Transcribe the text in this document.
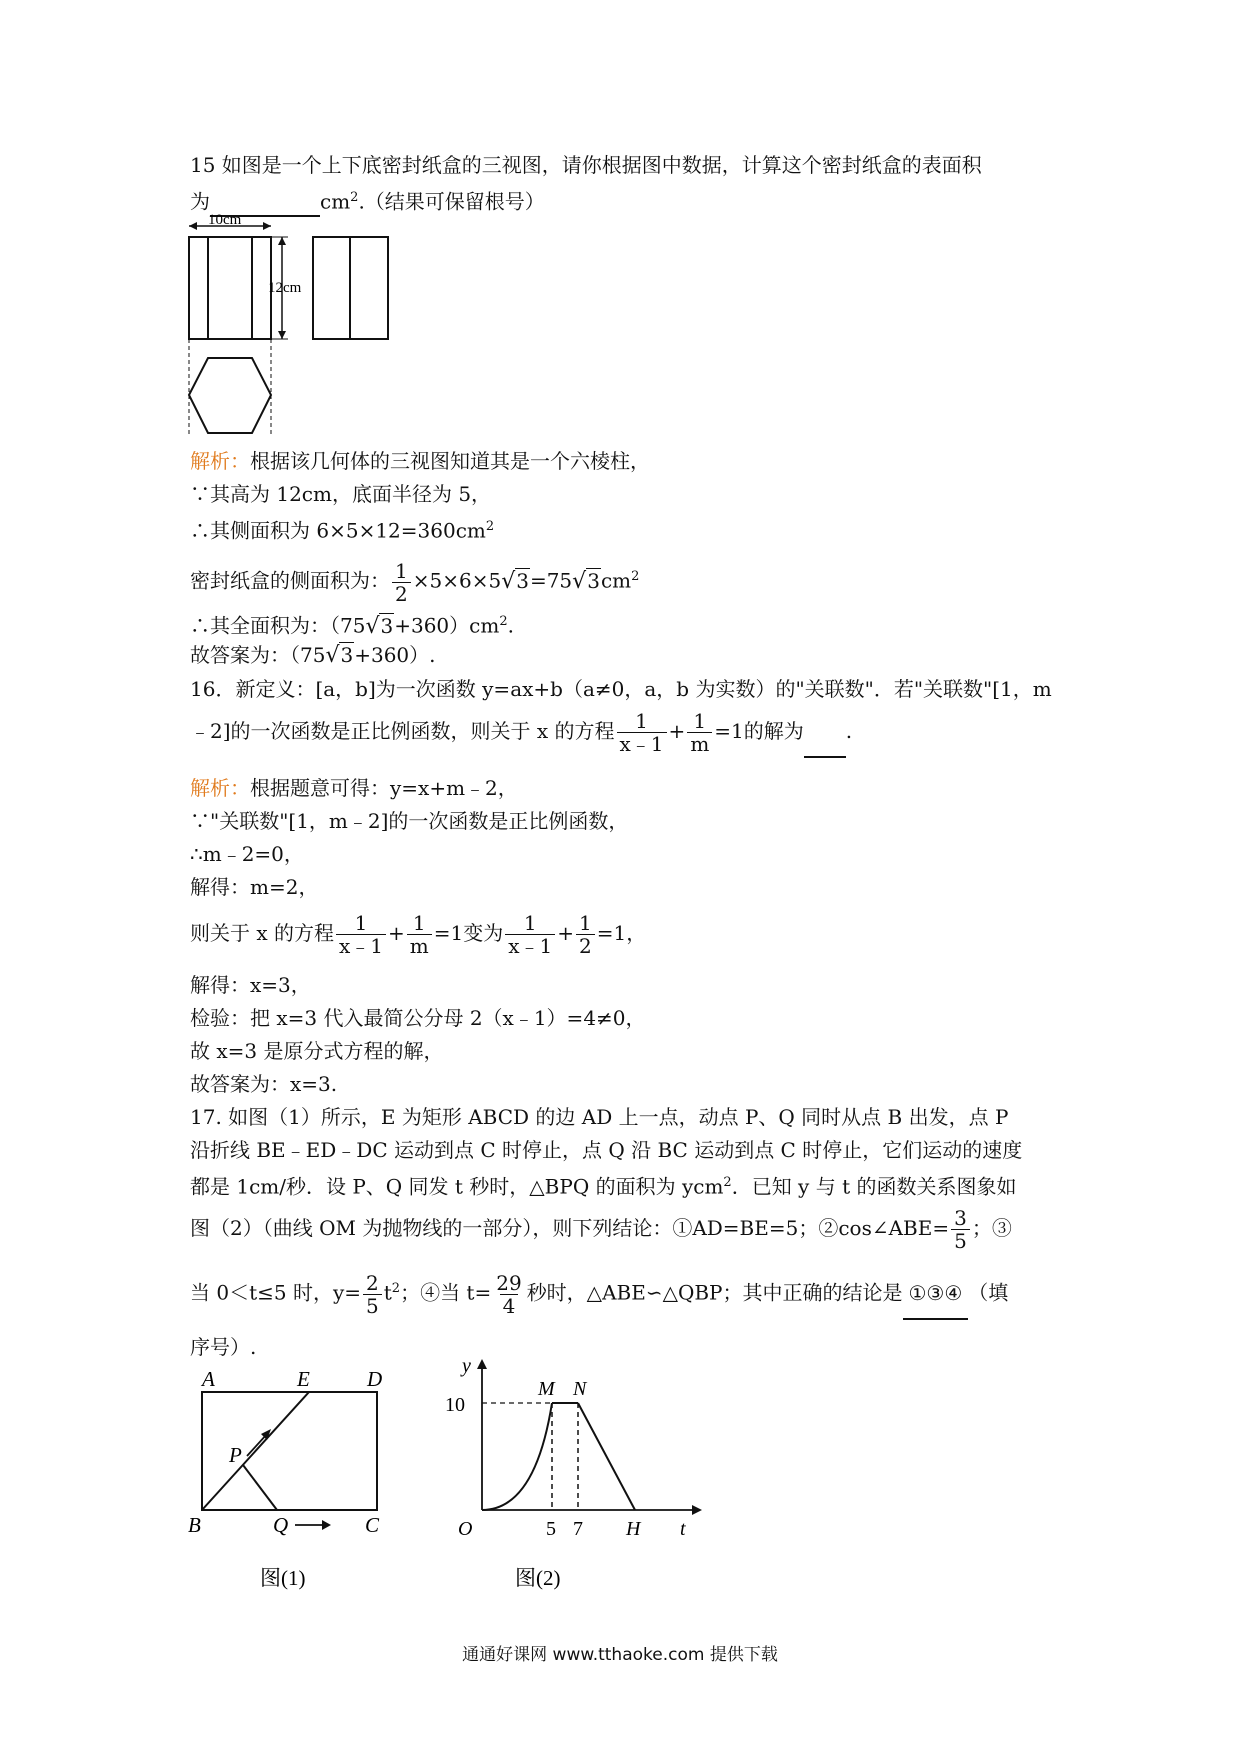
15 如图是一个上下底密封纸盒的三视图，请你根据图中数据，计算这个密封纸盒的表面积
为	$cm^2$.（结果可保留根号）
10cm
12cm
解析：根据该几何体的三视图知道其是一个六棱柱，
∵其高为 12cm，底面半径为 5，
∴其侧面积为 $6\times 5\times 12=360cm^2$
密封纸盒的侧面积为： $\frac{1}{2} \times 5\times 6\times 5√3=75√3cm^2$
∴其全面积为：$(75√3+360)cm^2$.
故答案为：（75√3+360）.
16．新定义：[a，b]为一次函数 y=ax+b（a≠0，a，b 为实数）的"关联数"．若"关联数"[1，m
﹣2]的一次函数是正比例函数，则关于 x 的方程 $\frac{1}{x﹣1} + \frac{1}{m} =1$的解为 .
解析：根据题意可得：y=x+m﹣2，
∵"关联数"[1，m﹣2]的一次函数是正比例函数，
∴m﹣2=0，
解得：m=2，
则关于 x 的方程 $\frac{1}{x﹣1} + \frac{1}{m} =1$变为 $\frac{1}{x﹣1} + \frac{1}{2} =1$，
解得：x=3，
检验：把 x=3 代入最简公分母 2（x﹣1）=4≠0，
故 x=3 是原分式方程的解，
故答案为：x=3.
17. 如图（1）所示，E 为矩形 ABCD 的边 AD 上一点，动点 P、Q 同时从点 B 出发，点 P
沿折线 BE﹣ED﹣DC 运动到点 C 时停止，点 Q 沿 BC 运动到点 C 时停止，它们运动的速度
都是 1cm/秒．设 P、Q 同发 t 秒时，△BPQ 的面积为 ycm$^2$．已知 y 与 t 的函数关系图象如
图（2）（曲线 OM 为抛物线的一部分），则下列结论：①AD=BE=5；②cos∠ABE= $\frac{3}{5}$ ；③
当 0＜t≤5 时，$y= \frac{2}{5} t^2$；④当 $t= \frac{29}{4}$ 秒时，△ABE∽△QBP；其中正确的结论是 ①③④ （填
序号）.
A	E	D
P
B	Q	C
图(1)
y
M N
10
O	5 7 H t
图(2)
通通好课网 www.tthaoke.com 提供下载
